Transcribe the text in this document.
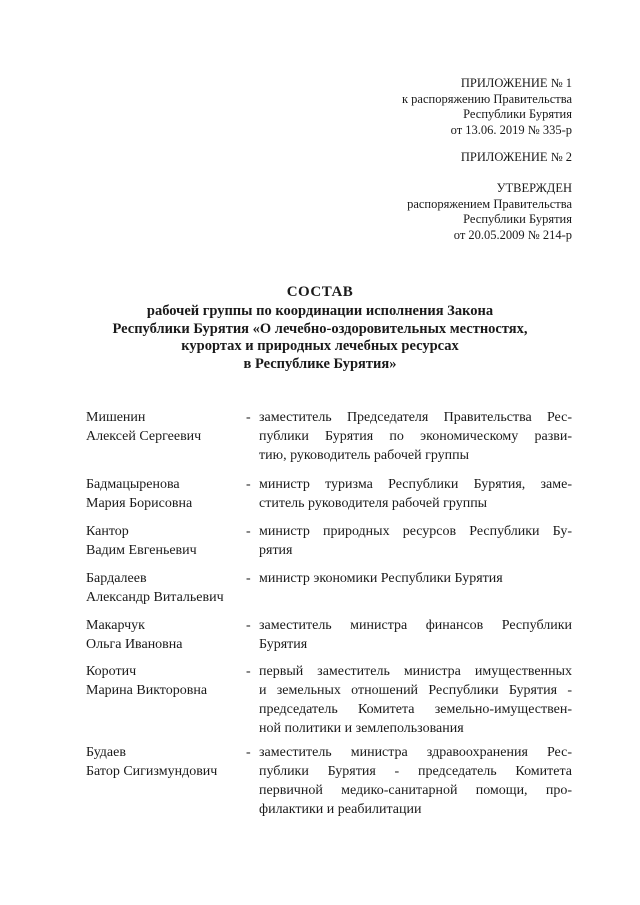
ПРИЛОЖЕНИЕ № 1
к распоряжению Правительства
Республики Бурятия
от 13.06. 2019 № 335-р
ПРИЛОЖЕНИЕ № 2
УТВЕРЖДЕН
распоряжением Правительства
Республики Бурятия
от 20.05.2009 № 214-р
СОСТАВ
рабочей группы по координации исполнения Закона
Республики Бурятия «О лечебно-оздоровительных местностях,
курортах и природных лечебных ресурсах
в Республике Бурятия»
Мишенин
Алексей Сергеевич
- заместитель Председателя Правительства Рес-
публики Бурятия по экономическому разви-
тию, руководитель рабочей группы
Бадмацыренова
Мария Борисовна
- министр туризма Республики Бурятия, заме-
ститель руководителя рабочей группы
Кантор
Вадим Евгеньевич
- министр природных ресурсов Республики Бу-
рятия
Бардалеев
Александр Витальевич
- министр экономики Республики Бурятия
Макарчук
Ольга Ивановна
- заместитель министра финансов Республики
Бурятия
Коротич
Марина Викторовна
- первый заместитель министра имущественных
и земельных отношений Республики Бурятия -
председатель Комитета земельно-имуществен-
ной политики и землепользования
Будаев
Батор Сигизмундович
- заместитель министра здравоохранения Рес-
публики Бурятия - председатель Комитета
первичной медико-санитарной помощи, про-
филактики и реабилитации
